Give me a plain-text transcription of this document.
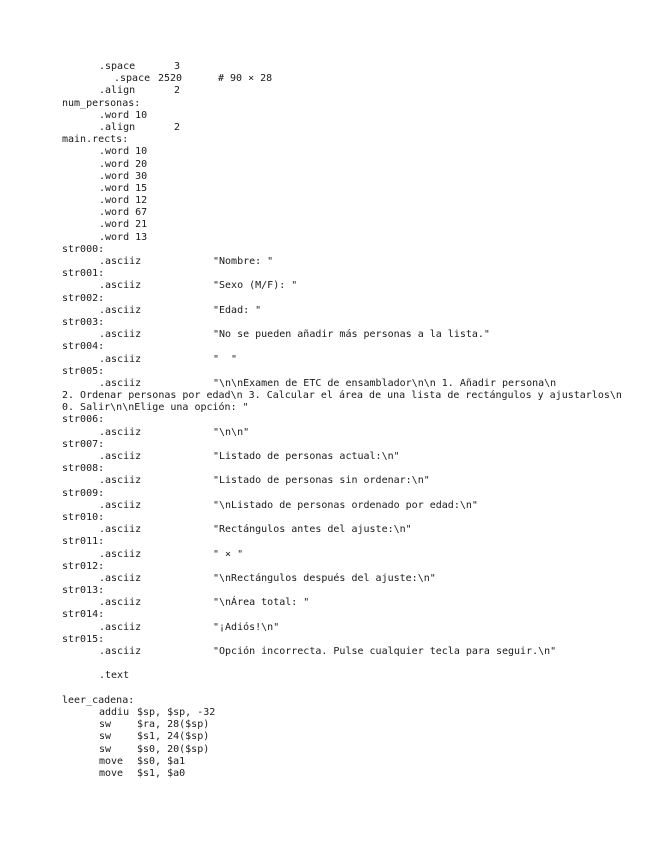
.space	3
.space 2520	# 90 × 28
.align	2
num_personas:
.word 10
.align	2
main.rects:
.word 10
.word 20
.word 30
.word 15
.word 12
.word 67
.word 21
.word 13
str000:
.asciiz	"Nombre: "
str001:
.asciiz	"Sexo (M/F): "
str002:
.asciiz	"Edad: "
str003:
.asciiz	"No se pueden añadir más personas a la lista."
str004:
.asciiz	"  "
str005:
.asciiz	"\n\nExamen de ETC de ensamblador\n\n 1. Añadir persona\n
2. Ordenar personas por edad\n 3. Calcular el área de una lista de rectángulos y ajustarlos\n 0. Salir\n\nElige una opción: "
str006:
.asciiz	"\n\n"
str007:
.asciiz	"Listado de personas actual:\n"
str008:
.asciiz	"Listado de personas sin ordenar:\n"
str009:
.asciiz	"\nListado de personas ordenado por edad:\n"
str010:
.asciiz	"Rectángulos antes del ajuste:\n"
str011:
.asciiz	" × "
str012:
.asciiz	"\nRectángulos después del ajuste:\n"
str013:
.asciiz	"\nÁrea total: "
str014:
.asciiz	"¡Adiós!\n"
str015:
.asciiz	"Opción incorrecta. Pulse cualquier tecla para seguir.\n"
.text
leer_cadena:
addiu $sp, $sp, -32
sw	$ra, 28($sp)
sw	$s1, 24($sp)
sw	$s0, 20($sp)
move $s0, $a1
move $s1, $a0
